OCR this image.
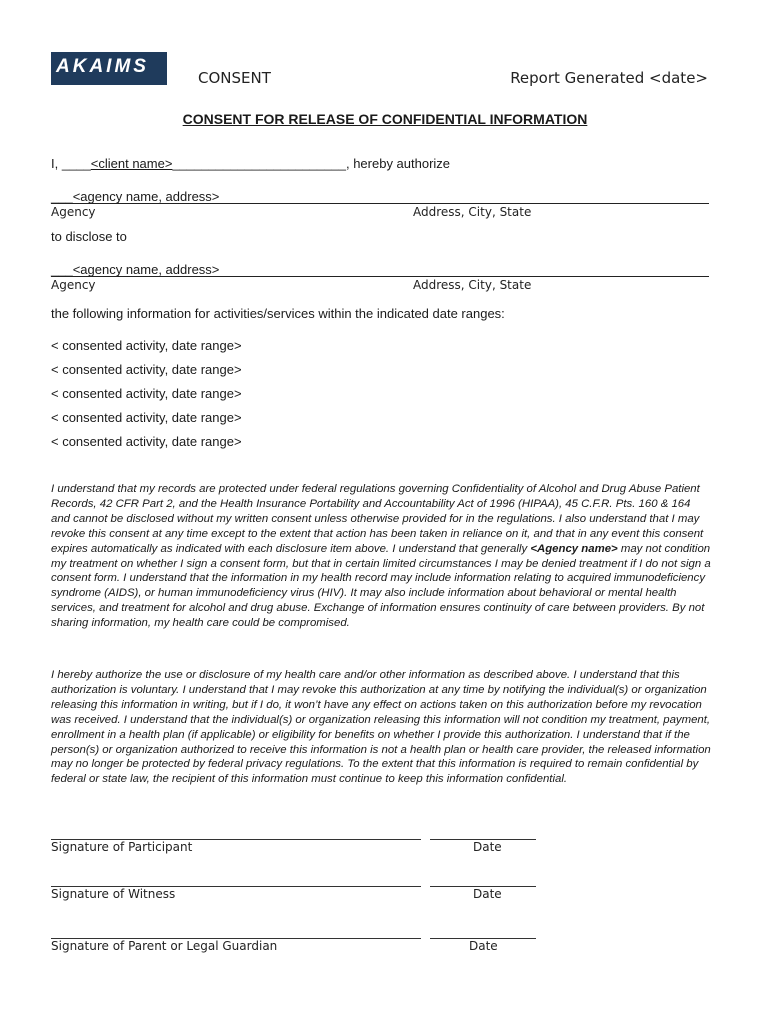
AKAIMS
CONSENT	Report Generated <date>
CONSENT FOR RELEASE OF CONFIDENTIAL INFORMATION
I, ____<client name>________________________, hereby authorize
___<agency name, address>
Agency	Address, City, State
to disclose to
___<agency name, address>
Agency	Address, City, State
the following information for activities/services within the indicated date ranges:
< consented activity, date range>
< consented activity, date range>
< consented activity, date range>
< consented activity, date range>
< consented activity, date range>
I understand that my records are protected under federal regulations governing Confidentiality of Alcohol and Drug Abuse Patient Records, 42 CFR Part 2, and the Health Insurance Portability and Accountability Act of 1996 (HIPAA), 45 C.F.R. Pts. 160 & 164 and cannot be disclosed without my written consent unless otherwise provided for in the regulations. I also understand that I may revoke this consent at any time except to the extent that action has been taken in reliance on it, and that in any event this consent expires automatically as indicated with each disclosure item above. I understand that generally <Agency name> may not condition my treatment on whether I sign a consent form, but that in certain limited circumstances I may be denied treatment if I do not sign a consent form. I understand that the information in my health record may include information relating to acquired immunodeficiency syndrome (AIDS), or human immunodeficiency virus (HIV). It may also include information about behavioral or mental health services, and treatment for alcohol and drug abuse. Exchange of information ensures continuity of care between providers. By not sharing information, my health care could be compromised.
I hereby authorize the use or disclosure of my health care and/or other information as described above. I understand that this authorization is voluntary. I understand that I may revoke this authorization at any time by notifying the individual(s) or organization releasing this information in writing, but if I do, it won’t have any effect on actions taken on this authorization before my revocation was received. I understand that the individual(s) or organization releasing this information will not condition my treatment, payment, enrollment in a health plan (if applicable) or eligibility for benefits on whether I provide this authorization. I understand that if the person(s) or organization authorized to receive this information is not a health plan or health care provider, the released information may no longer be protected by federal privacy regulations. To the extent that this information is required to remain confidential by federal or state law, the recipient of this information must continue to keep this information confidential.
Signature of Participant	Date
Signature of Witness	Date
Signature of Parent or Legal Guardian	Date
